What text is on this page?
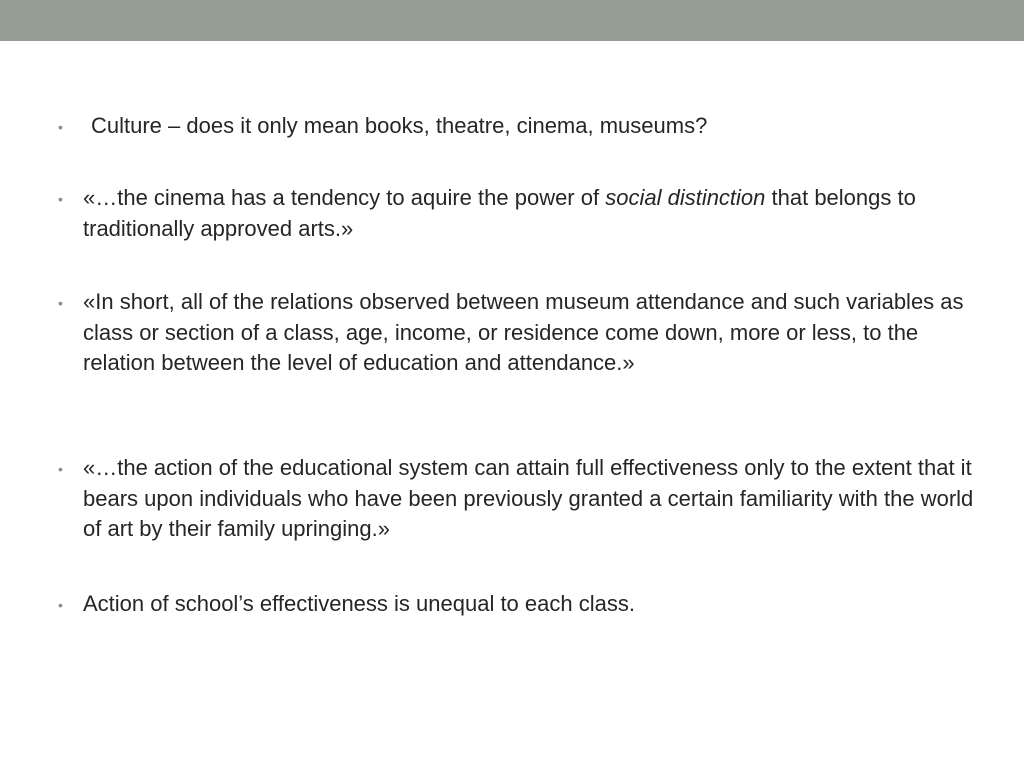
• Culture – does it only mean books, theatre, cinema, museums?
• «…the cinema has a tendency to aquire the power of social distinction that belongs to traditionally approved arts.»
• «In short, all of the relations observed between museum attendance and such variables as class or section of a class, age, income, or residence come down, more or less, to the relation between the level of education and attendance.»
• «…the action of the educational system can attain full effectiveness only to the extent that it bears upon individuals who have been previously granted a certain familiarity with the world of art by their family upringing.»
• Action of school’s effectiveness is unequal to each class.
